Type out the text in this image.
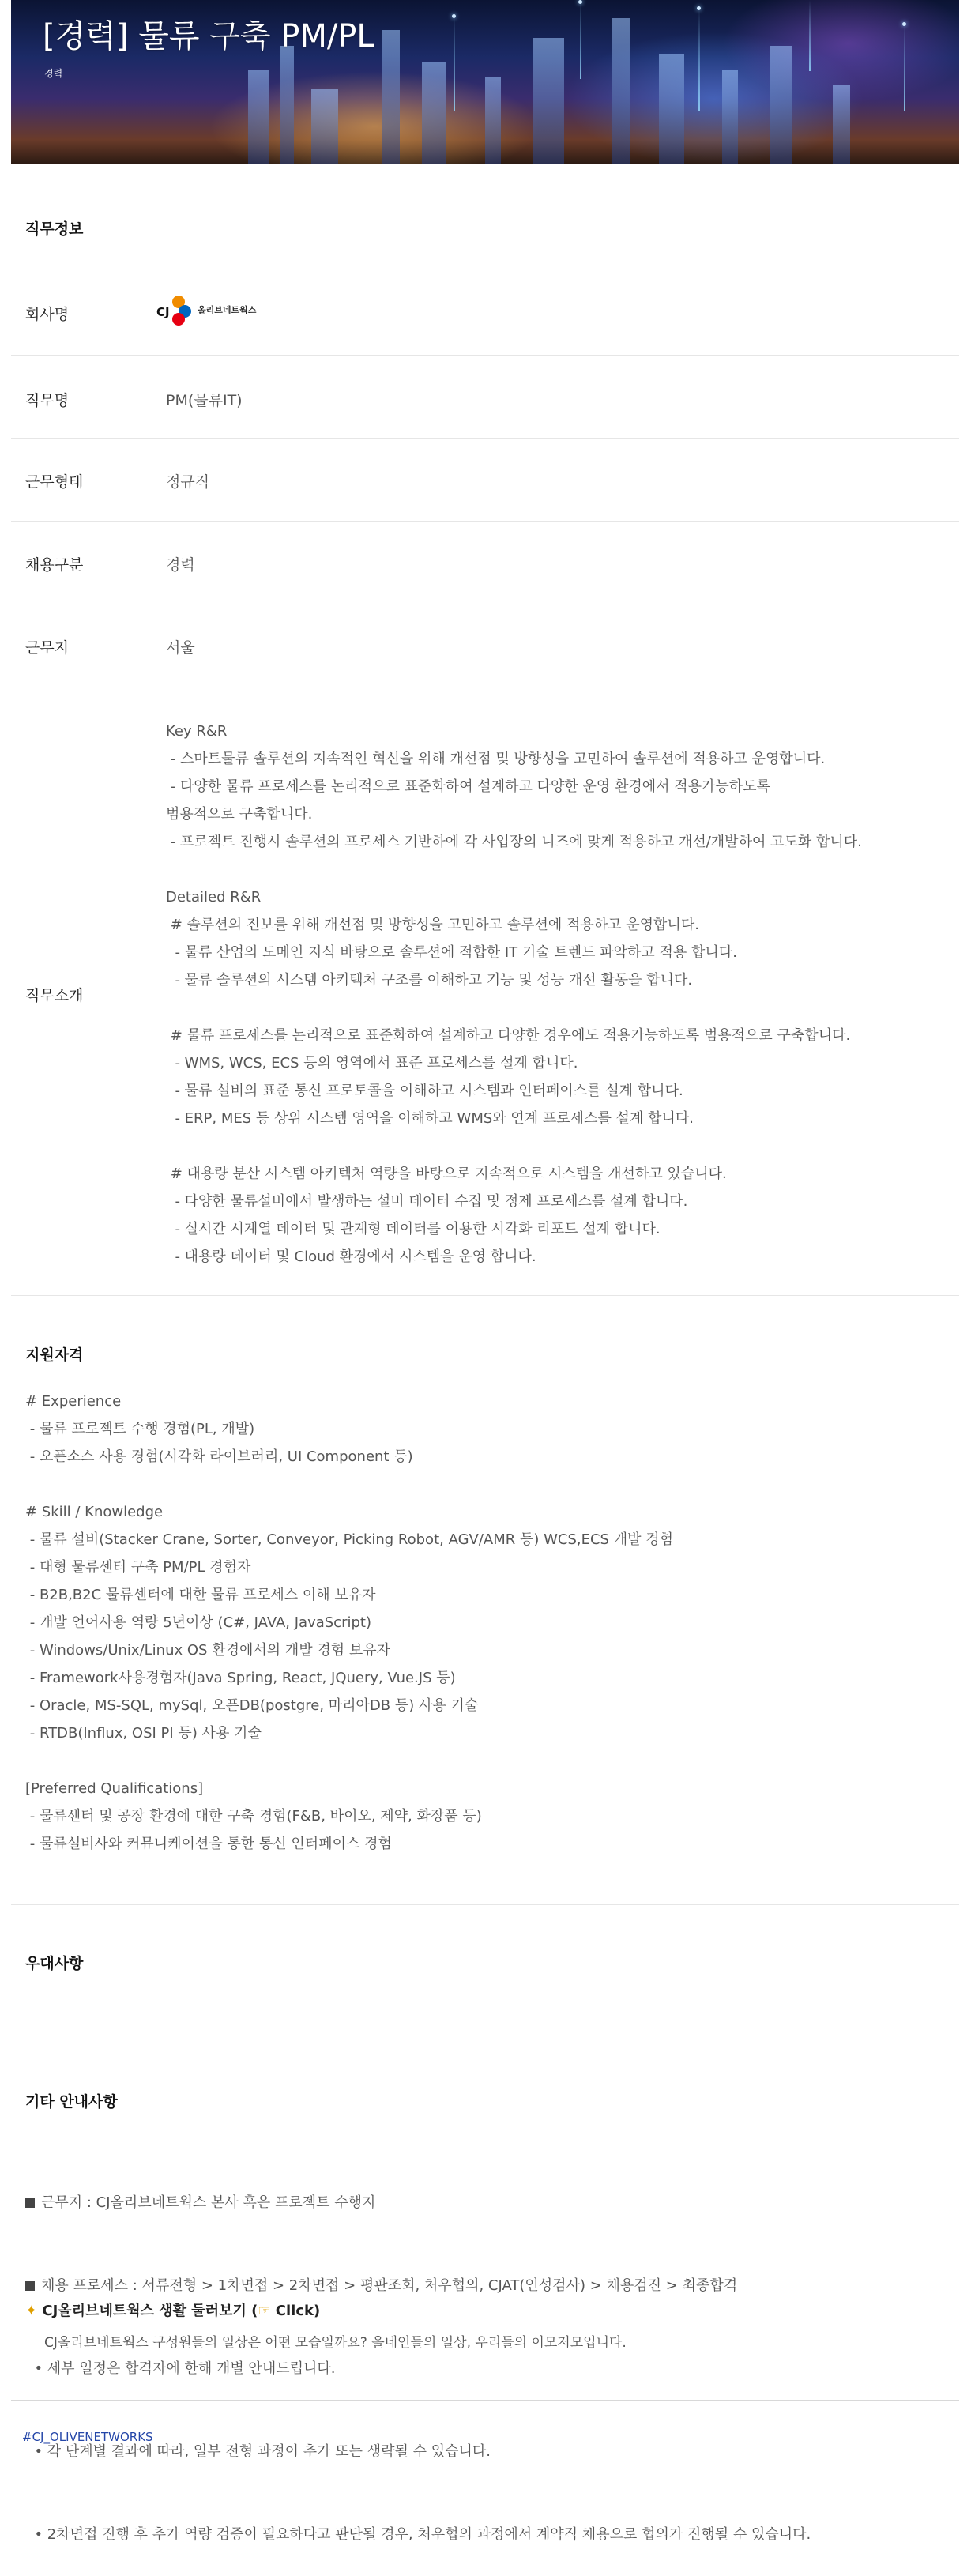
[경력] 물류 구축 PM/PL
경력
직무정보
회사명	CJ	올리브네트웍스
직무명	PM(물류IT)
근무형태	정규직
채용구분	경력
근무지	서울
직무소개
Key R&R
- 스마트물류 솔루션의 지속적인 혁신을 위해 개선점 및 방향성을 고민하여 솔루션에 적용하고 운영합니다.
- 다양한 물류 프로세스를 논리적으로 표준화하여 설계하고 다양한 운영 환경에서 적용가능하도록
범용적으로 구축합니다.
- 프로젝트 진행시 솔루션의 프로세스 기반하에 각 사업장의 니즈에 맞게 적용하고 개선/개발하여 고도화 합니다.
Detailed R&R
# 솔루션의 진보를 위해 개선점 및 방향성을 고민하고 솔루션에 적용하고 운영합니다.
- 물류 산업의 도메인 지식 바탕으로 솔루션에 적합한 IT 기술 트렌드 파악하고 적용 합니다.
- 물류 솔루션의 시스템 아키텍처 구조를 이해하고 기능 및 성능 개선 활동을 합니다.
# 물류 프로세스를 논리적으로 표준화하여 설계하고 다양한 경우에도 적용가능하도록 범용적으로 구축합니다.
- WMS, WCS, ECS 등의 영역에서 표준 프로세스를 설계 합니다.
- 물류 설비의 표준 통신 프로토콜을 이해하고 시스템과 인터페이스를 설계 합니다.
- ERP, MES 등 상위 시스템 영역을 이해하고 WMS와 연계 프로세스를 설계 합니다.
# 대용량 분산 시스템 아키텍처 역량을 바탕으로 지속적으로 시스템을 개선하고 있습니다.
- 다양한 물류설비에서 발생하는 설비 데이터 수집 및 정제 프로세스를 설계 합니다.
- 실시간 시계열 데이터 및 관계형 데이터를 이용한 시각화 리포트 설계 합니다.
- 대용량 데이터 및 Cloud 환경에서 시스템을 운영 합니다.
지원자격
# Experience
- 물류 프로젝트 수행 경험(PL, 개발)
- 오픈소스 사용 경험(시각화 라이브러리, UI Component 등)
# Skill / Knowledge
- 물류 설비(Stacker Crane, Sorter, Conveyor, Picking Robot, AGV/AMR 등) WCS,ECS 개발 경험
- 대형 물류센터 구축 PM/PL 경험자
- B2B,B2C 물류센터에 대한 물류 프로세스 이해 보유자
- 개발 언어사용 역량 5년이상 (C#, JAVA, JavaScript)
- Windows/Unix/Linux OS 환경에서의 개발 경험 보유자
- Framework사용경험자(Java Spring, React, JQuery, Vue.JS 등)
- Oracle, MS-SQL, mySql, 오픈DB(postgre, 마리아DB 등) 사용 기술
- RTDB(Influx, OSI PI 등) 사용 기술
[Preferred Qualifications]
- 물류센터 및 공장 환경에 대한 구축 경험(F&B, 바이오, 제약, 화장품 등)
- 물류설비사와 커뮤니케이션을 통한 통신 인터페이스 경험
우대사항
기타 안내사항

근무지 : CJ올리브네트웍스 본사 혹은 프로젝트 수행지

채용 프로세스 : 서류전형 > 1차면접 > 2차면접 > 평판조회, 처우협의, CJAT(인성검사) > 채용검진 > 최종합격

• 세부 일정은 합격자에 한해 개별 안내드립니다.

• 각 단계별 결과에 따라, 일부 전형 과정이 추가 또는 생략될 수 있습니다.

• 2차면접 진행 후 추가 역량 검증이 필요하다고 판단될 경우, 처우협의 과정에서 계약직 채용으로 협의가 진행될 수 있습니다.

✦ CJ올리브네트웍스 생활 둘러보기 (☞ Click)
CJ올리브네트웍스 구성원들의 일상은 어떤 모습일까요? 올네인들의 일상, 우리들의 이모저모입니다.
#CJ_OLIVENETWORKS
